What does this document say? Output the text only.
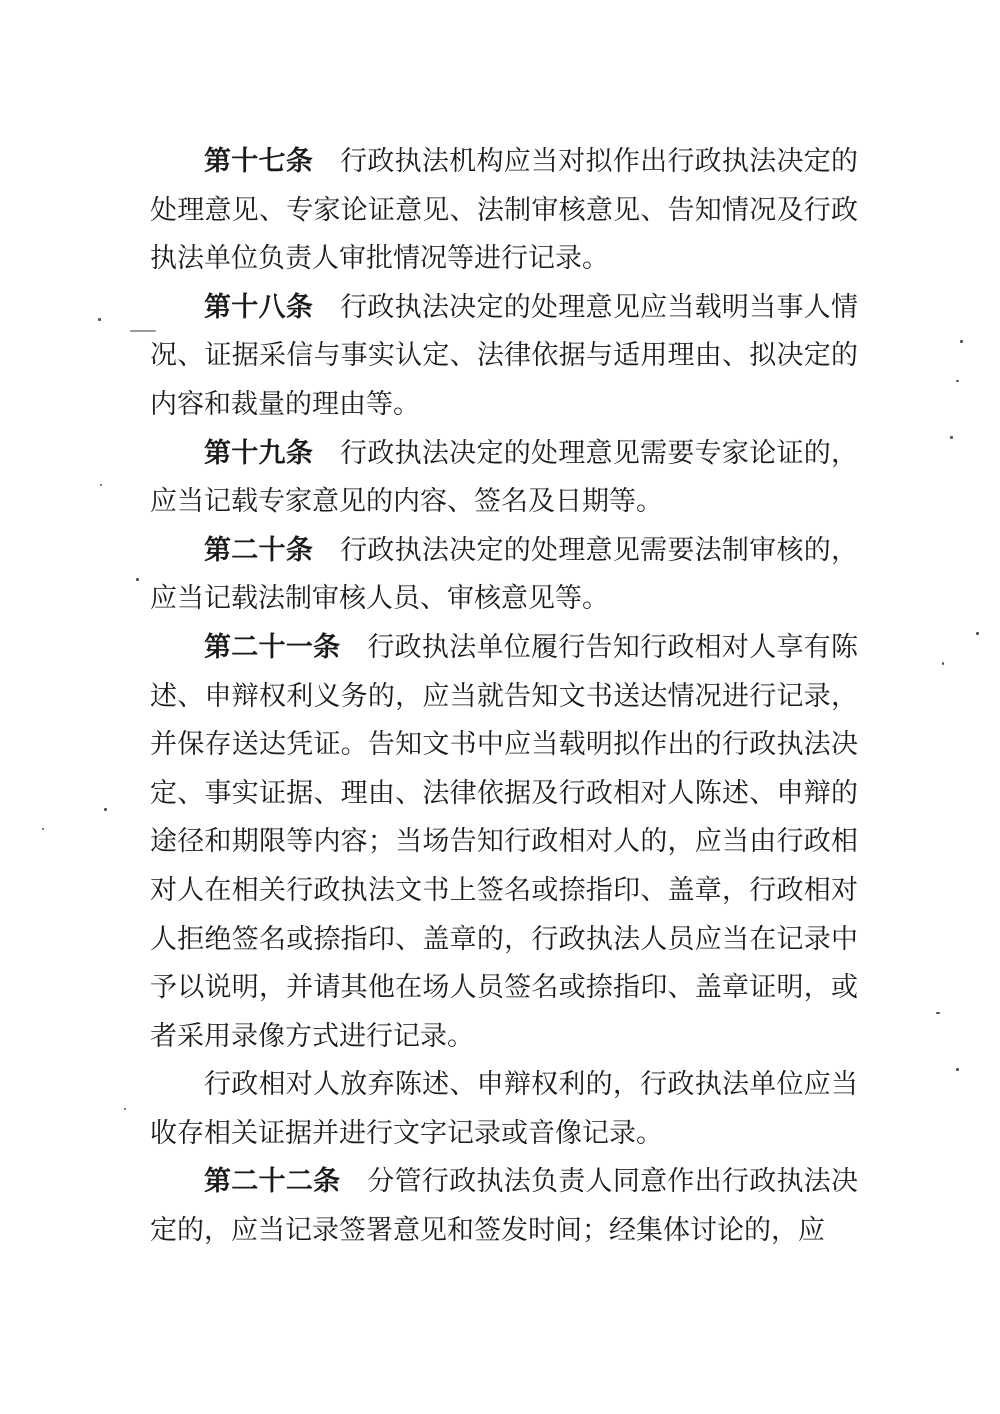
第十七条 行政执法机构应当对拟作出行政执法决定的处理意见、专家论证意见、法制审核意见、告知情况及行政执法单位负责人审批情况等进行记录。

第十八条 行政执法决定的处理意见应当载明当事人情况、证据采信与事实认定、法律依据与适用理由、拟决定的内容和裁量的理由等。

第十九条 行政执法决定的处理意见需要专家论证的，应当记载专家意见的内容、签名及日期等。

第二十条 行政执法决定的处理意见需要法制审核的，应当记载法制审核人员、审核意见等。

第二十一条 行政执法单位履行告知行政相对人享有陈述、申辩权利义务的，应当就告知文书送达情况进行记录，并保存送达凭证。告知文书中应当载明拟作出的行政执法决定、事实证据、理由、法律依据及行政相对人陈述、申辩的途径和期限等内容；当场告知行政相对人的，应当由行政相对人在相关行政执法文书上签名或捺指印、盖章，行政相对人拒绝签名或捺指印、盖章的，行政执法人员应当在记录中予以说明，并请其他在场人员签名或捺指印、盖章证明，或者采用录像方式进行记录。

行政相对人放弃陈述、申辩权利的，行政执法单位应当收存相关证据并进行文字记录或音像记录。

第二十二条 分管行政执法负责人同意作出行政执法决定的，应当记录签署意见和签发时间；经集体讨论的，应
